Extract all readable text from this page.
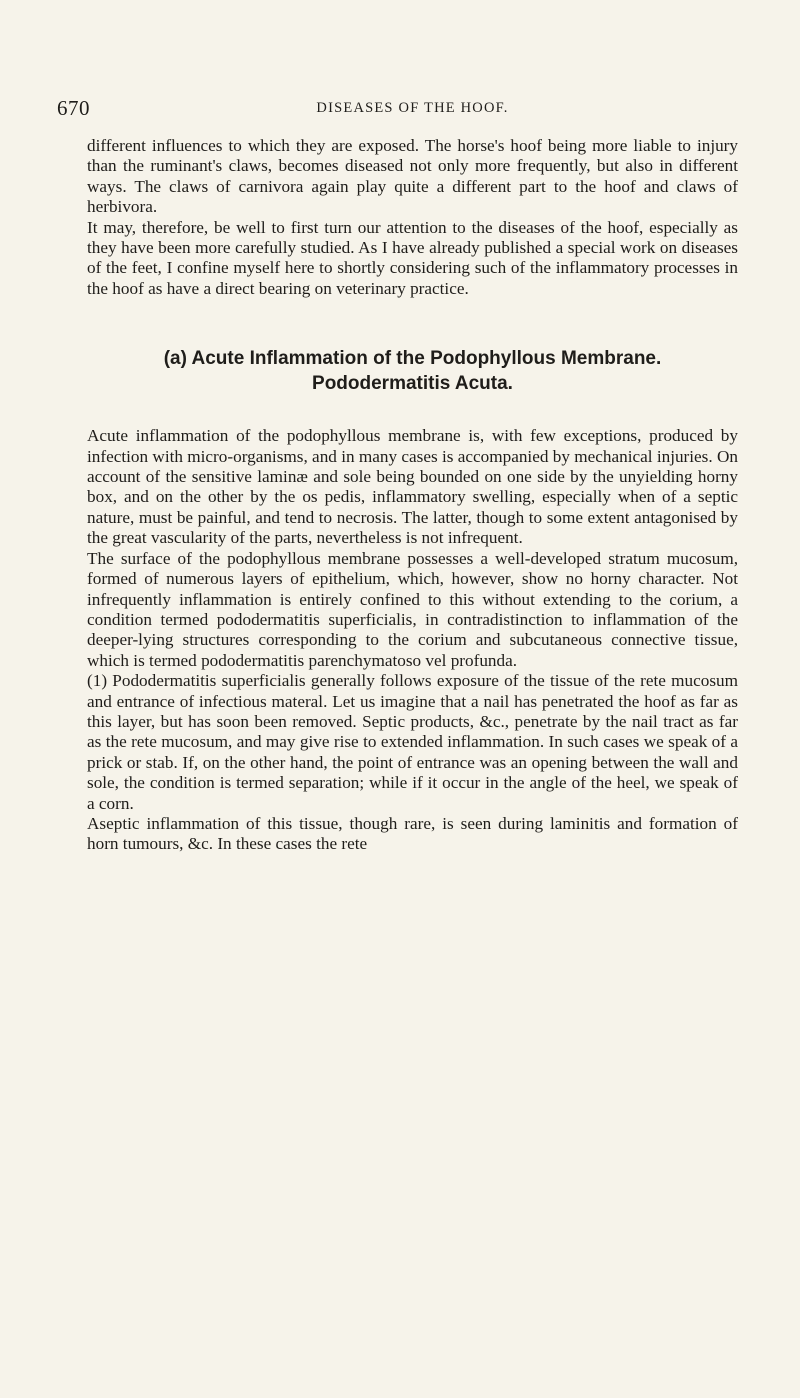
670	DISEASES OF THE HOOF.

different influences to which they are exposed. The horse's hoof being more liable to injury than the ruminant's claws, becomes diseased not only more frequently, but also in different ways. The claws of carnivora again play quite a different part to the hoof and claws of herbivora.

It may, therefore, be well to first turn our attention to the diseases of the hoof, especially as they have been more carefully studied. As I have already published a special work on diseases of the feet, I confine myself here to shortly considering such of the inflammatory processes in the hoof as have a direct bearing on veterinary practice.

(a) Acute Inflammation of the Podophyllous Membrane.
Pododermatitis Acuta.

Acute inflammation of the podophyllous membrane is, with few exceptions, produced by infection with micro-organisms, and in many cases is accompanied by mechanical injuries. On account of the sensitive laminæ and sole being bounded on one side by the unyielding horny box, and on the other by the os pedis, inflammatory swelling, especially when of a septic nature, must be painful, and tend to necrosis. The latter, though to some extent antagonised by the great vascularity of the parts, nevertheless is not infrequent.

The surface of the podophyllous membrane possesses a well-developed stratum mucosum, formed of numerous layers of epithelium, which, however, show no horny character. Not infrequently inflammation is entirely confined to this without extending to the corium, a condition termed pododermatitis superficialis, in contradistinction to inflammation of the deeper-lying structures corresponding to the corium and subcutaneous connective tissue, which is termed pododermatitis parenchymatoso vel profunda.

(1) Pododermatitis superficialis generally follows exposure of the tissue of the rete mucosum and entrance of infectious materal. Let us imagine that a nail has penetrated the hoof as far as this layer, but has soon been removed. Septic products, &c., penetrate by the nail tract as far as the rete mucosum, and may give rise to extended inflammation. In such cases we speak of a prick or stab. If, on the other hand, the point of entrance was an opening between the wall and sole, the condition is termed separation; while if it occur in the angle of the heel, we speak of a corn.

Aseptic inflammation of this tissue, though rare, is seen during laminitis and formation of horn tumours, &c. In these cases the rete
